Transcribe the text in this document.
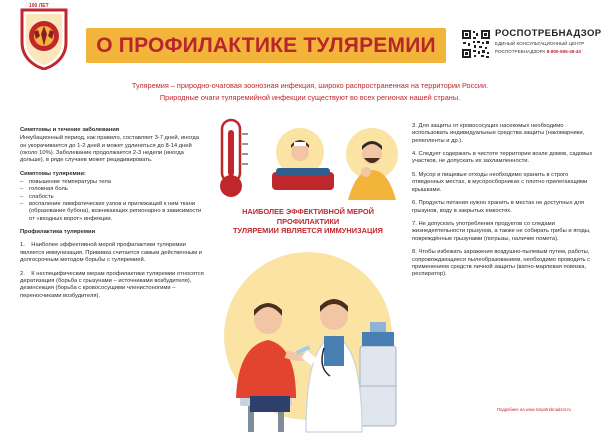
100 ЛЕТ
О ПРОФИЛАКТИКЕ ТУЛЯРЕМИИ
РОСПОТРЕБНАДЗОР
ЕДИНЫЙ КОНСУЛЬТАЦИОННЫЙ ЦЕНТР
РОСПОТРЕБНАДЗОРА 8-800-555-49-43
Туляремия – природно-очаговая зоонозная инфекция, широко распространенная на территории России.
Природные очаги туляремийной инфекции существуют во всех регионах нашей страны.
Симптомы и течение заболевания
Инкубационный период, как правило, составляет 3-7 дней, иногда он укорачивается до 1-2 дней и может удлиняться до 8-14 дней (около 10%). Заболевание продолжается 2-3 недели (иногда дольше), в ряде случаев может рецидивировать.
Симптомы туляремии:
– повышение температуры тела
– головная боль
– слабость
– воспаление лимфатических узлов и прилежащей к ним ткани (образование бубона), возникающих регионарно в зависимости от «входных ворот» инфекции.
Профилактика туляремии
1.    Наиболее эффективной мерой профилактики туляремии является иммунизация. Прививка считается самым действенным и долгосрочным методом борьбы с туляремией.
2.    К неспецифическим мерам профилактики туляремии относятся дератизация (борьба с грызунами – источниками возбудителя), дезинсекция (борьба с кровососущими членистоногими – переносчиками возбудителя).
НАИБОЛЕЕ ЭФФЕКТИВНОЙ МЕРОЙ ПРОФИЛАКТИКИ
ТУЛЯРЕМИИ ЯВЛЯЕТСЯ ИММУНИЗАЦИЯ
3. Для защиты от кровососущих насекомых необходимо использовать индивидуальные средства защиты (накомарники, репелленты и др.).
4. Следует содержать в чистоте территории возле домов, садовых участков, не допускать их захламленности.
5. Мусор и пищевые отходы необходимо хранить в строго отведенных местах, в мусоросборниках с плотно прилегающими крышками.
6. Продукты питания нужно хранить в местах не доступных для грызунов, воду в закрытых емкостях.
7. Не допускать употребления продуктов со следами жизнедеятельности грызунов, а также не собирать грибы и ягоды, повреждённые грызунами (погрызы, наличие помета).
8. Чтобы избежать заражения воздушно-пылевым путем, работы, сопровождающиеся пылеобразованием, необходимо проводить с применением средств личной защиты (ватно-марлевая повязка, респиратор).
Подробнее на www.rospotrebnadzor.ru
